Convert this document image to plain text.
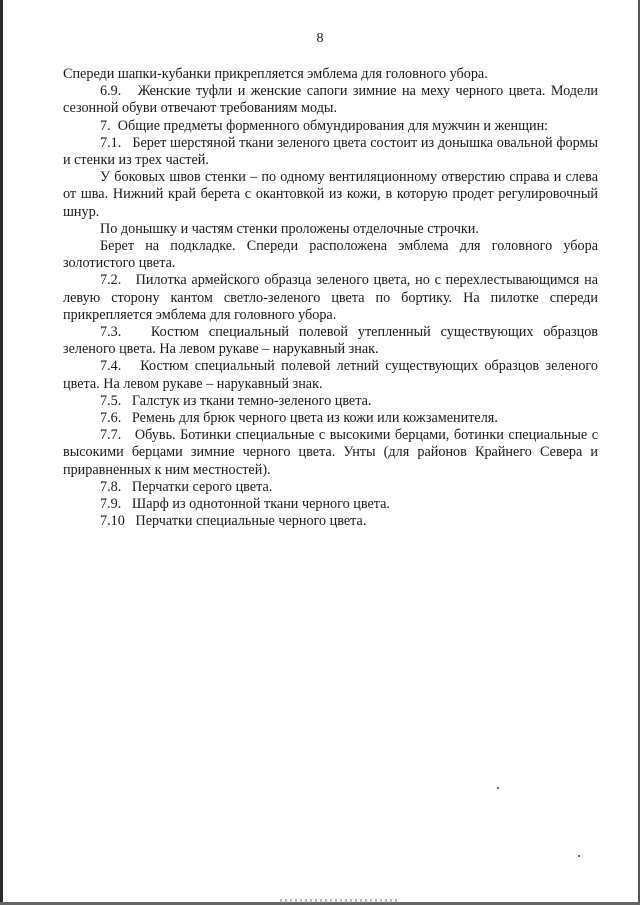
8

Спереди шапки-кубанки прикрепляется эмблема для головного убора.

6.9.   Женские туфли и женские сапоги зимние на меху черного цвета. Модели сезонной обуви отвечают требованиям моды.

7.  Общие предметы форменного обмундирования для мужчин и женщин:

7.1.   Берет шерстяной ткани зеленого цвета состоит из донышка овальной формы и стенки из трех частей.

У боковых швов стенки – по одному вентиляционному отверстию справа и слева от шва. Нижний край берета с окантовкой из кожи, в которую продет регулировочный шнур.

По донышку и частям стенки проложены отделочные строчки.

Берет на подкладке. Спереди расположена эмблема для головного убора золотистого цвета.

7.2.   Пилотка армейского образца зеленого цвета, но с перехлестывающимся на левую сторону кантом светло-зеленого цвета по бортику. На пилотке спереди прикрепляется эмблема для головного убора.

7.3.   Костюм специальный полевой утепленный существующих образцов зеленого цвета. На левом рукаве – нарукавный знак.

7.4.   Костюм специальный полевой летний существующих образцов зеленого цвета. На левом рукаве – нарукавный знак.

7.5.   Галстук из ткани темно-зеленого цвета.

7.6.   Ремень для брюк черного цвета из кожи или кожзаменителя.

7.7.   Обувь. Ботинки специальные с высокими берцами, ботинки специальные с высокими берцами зимние черного цвета. Унты (для районов Крайнего Севера и приравненных к ним местностей).

7.8.   Перчатки серого цвета.

7.9.   Шарф из однотонной ткани черного цвета.

7.10   Перчатки специальные черного цвета.
